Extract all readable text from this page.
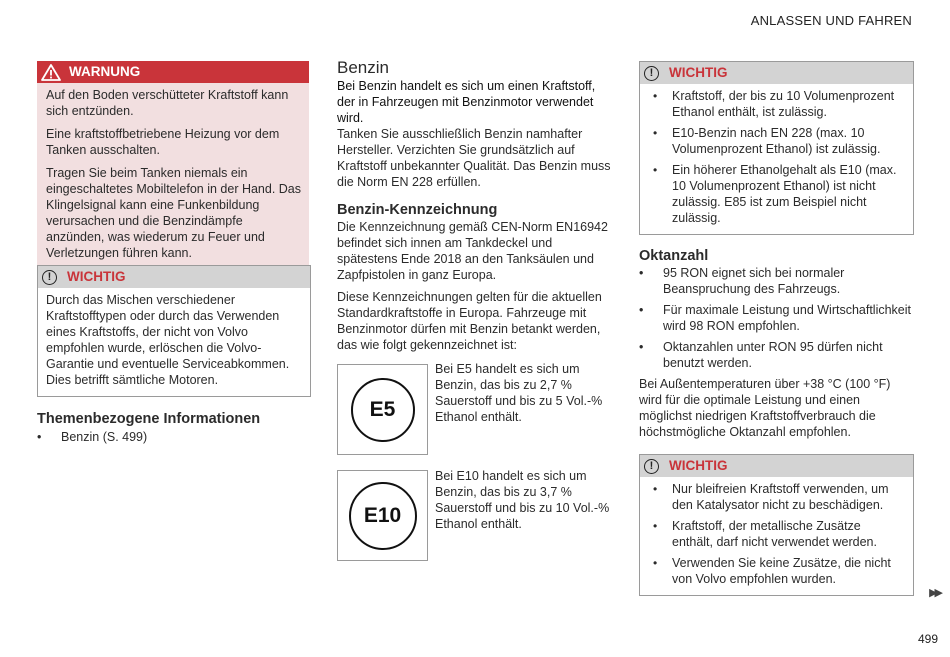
ANLASSEN UND FAHREN
WARNUNG

Auf den Boden verschütteter Kraftstoff kann sich entzünden.

Eine kraftstoffbetriebene Heizung vor dem Tanken ausschalten.

Tragen Sie beim Tanken niemals ein eingeschaltetes Mobiltelefon in der Hand. Das Klingelsignal kann eine Funkenbildung verursachen und die Benzindämpfe anzünden, was wiederum zu Feuer und Verletzungen führen kann.

!	WICHTIG

Durch das Mischen verschiedener Kraftstofftypen oder durch das Verwenden eines Kraftstoffs, der nicht von Volvo empfohlen wurde, erlöschen die Volvo-Garantie und eventuelle Serviceabkommen. Dies betrifft sämtliche Motoren.

Themenbezogene Informationen
• Benzin (S. 499)
Benzin

Bei Benzin handelt es sich um einen Kraftstoff, der in Fahrzeugen mit Benzinmotor verwendet wird.

Tanken Sie ausschließlich Benzin namhafter Hersteller. Verzichten Sie grundsätzlich auf Kraftstoff unbekannter Qualität. Das Benzin muss die Norm EN 228 erfüllen.

Benzin-Kennzeichnung

Die Kennzeichnung gemäß CEN-Norm EN16942 befindet sich innen am Tankdeckel und spätestens Ende 2018 an den Tanksäulen und Zapfpistolen in ganz Europa.

Diese Kennzeichnungen gelten für die aktuellen Standardkraftstoffe in Europa. Fahrzeuge mit Benzinmotor dürfen mit Benzin betankt werden, das wie folgt gekennzeichnet ist:

E5
Bei E5 handelt es sich um Benzin, das bis zu 2,7 % Sauerstoff und bis zu 5 Vol.-% Ethanol enthält.
E10
Bei E10 handelt es sich um Benzin, das bis zu 3,7 % Sauerstoff und bis zu 10 Vol.-% Ethanol enthält.
!	WICHTIG
• Kraftstoff, der bis zu 10 Volumenprozent Ethanol enthält, ist zulässig.
• E10-Benzin nach EN 228 (max. 10 Volumenprozent Ethanol) ist zulässig.
• Ein höherer Ethanolgehalt als E10 (max. 10 Volumenprozent Ethanol) ist nicht zulässig. E85 ist zum Beispiel nicht zulässig.
Oktanzahl
• 95 RON eignet sich bei normaler Beanspruchung des Fahrzeugs.
• Für maximale Leistung und Wirtschaftlichkeit wird 98 RON empfohlen.
• Oktanzahlen unter RON 95 dürfen nicht benutzt werden.

Bei Außentemperaturen über +38 °C (100 °F) wird für die optimale Leistung und einen möglichst niedrigen Kraftstoffverbrauch die höchstmögliche Oktanzahl empfohlen.

!	WICHTIG
• Nur bleifreien Kraftstoff verwenden, um den Katalysator nicht zu beschädigen.
• Kraftstoff, der metallische Zusätze enthält, darf nicht verwendet werden.
• Verwenden Sie keine Zusätze, die nicht von Volvo empfohlen wurden.
▶▶
499
